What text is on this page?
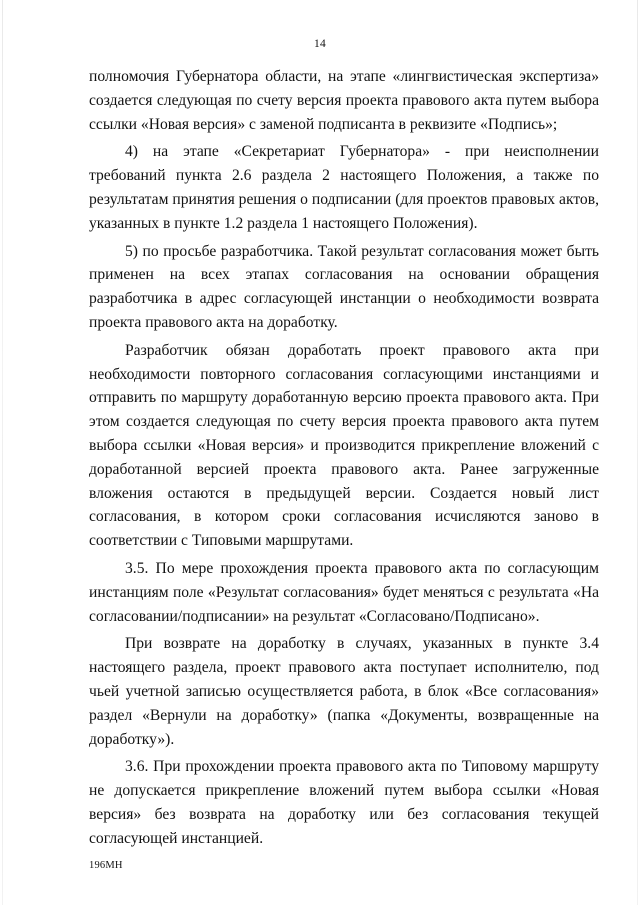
14

полномочия Губернатора области, на этапе «лингвистическая экспертиза» создается следующая по счету версия проекта правового акта путем выбора ссылки «Новая версия» с заменой подписанта в реквизите «Подпись»;

4) на этапе «Секретариат Губернатора» - при неисполнении требований пункта 2.6 раздела 2 настоящего Положения, а также по результатам принятия решения о подписании (для проектов правовых актов, указанных в пункте 1.2 раздела 1 настоящего Положения).

5) по просьбе разработчика. Такой результат согласования может быть применен на всех этапах согласования на основании обращения разработчика в адрес согласующей инстанции о необходимости возврата проекта правового акта на доработку.

Разработчик обязан доработать проект правового акта при необходимости повторного согласования согласующими инстанциями и отправить по маршруту доработанную версию проекта правового акта. При этом создается следующая по счету версия проекта правового акта путем выбора ссылки «Новая версия» и производится прикрепление вложений с доработанной версией проекта правового акта. Ранее загруженные вложения остаются в предыдущей версии. Создается новый лист согласования, в котором сроки согласования исчисляются заново в соответствии с Типовыми маршрутами.

3.5. По мере прохождения проекта правового акта по согласующим инстанциям поле «Результат согласования» будет меняться с результата «На согласовании/подписании» на результат «Согласовано/Подписано».

При возврате на доработку в случаях, указанных в пункте 3.4 настоящего раздела, проект правового акта поступает исполнителю, под чьей учетной записью осуществляется работа, в блок «Все согласования» раздел «Вернули на доработку» (папка «Документы, возвращенные на доработку»).

3.6. При прохождении проекта правового акта по Типовому маршруту не допускается прикрепление вложений путем выбора ссылки «Новая версия» без возврата на доработку или без согласования текущей согласующей инстанцией.

196МН
